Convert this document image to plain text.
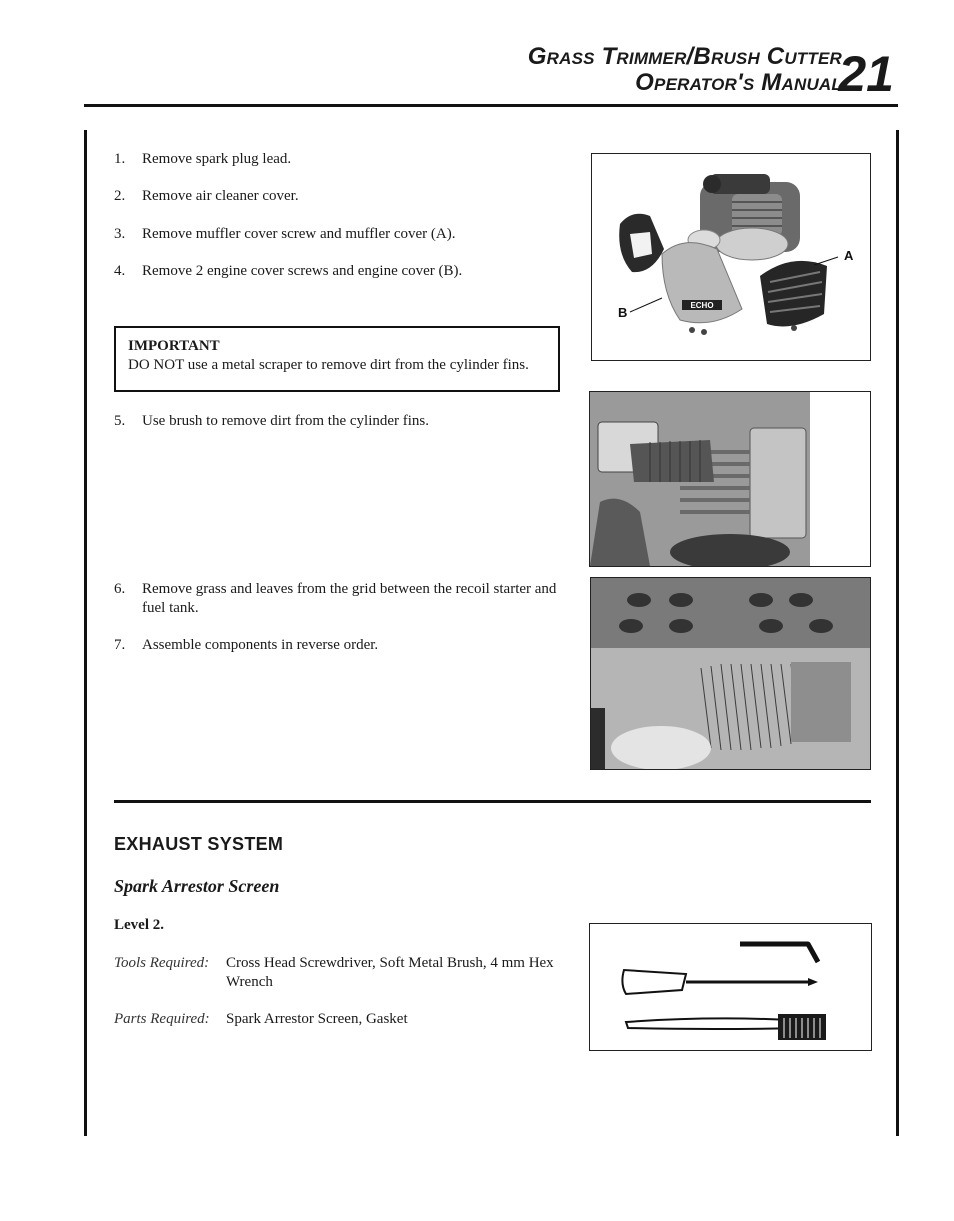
Grass Trimmer/Brush Cutter
Operator's Manual
21
1.	Remove spark plug lead.
2.	Remove air cleaner cover.
3.	Remove muffler cover screw and muffler cover (A).
4.	Remove 2 engine cover screws and engine cover (B).
IMPORTANT
DO NOT use a metal scraper to remove dirt from the cylinder fins.
5.	Use brush to remove dirt from the cylinder fins.
6.	Remove grass and leaves from the grid between the recoil starter and fuel tank.
7.	Assemble components in reverse order.
ECHO
A
B
EXHAUST SYSTEM
Spark Arrestor Screen
Level 2.
Tools Required:	Cross Head Screwdriver, Soft Metal Brush, 4 mm Hex Wrench
Parts Required:	Spark Arrestor Screen, Gasket
